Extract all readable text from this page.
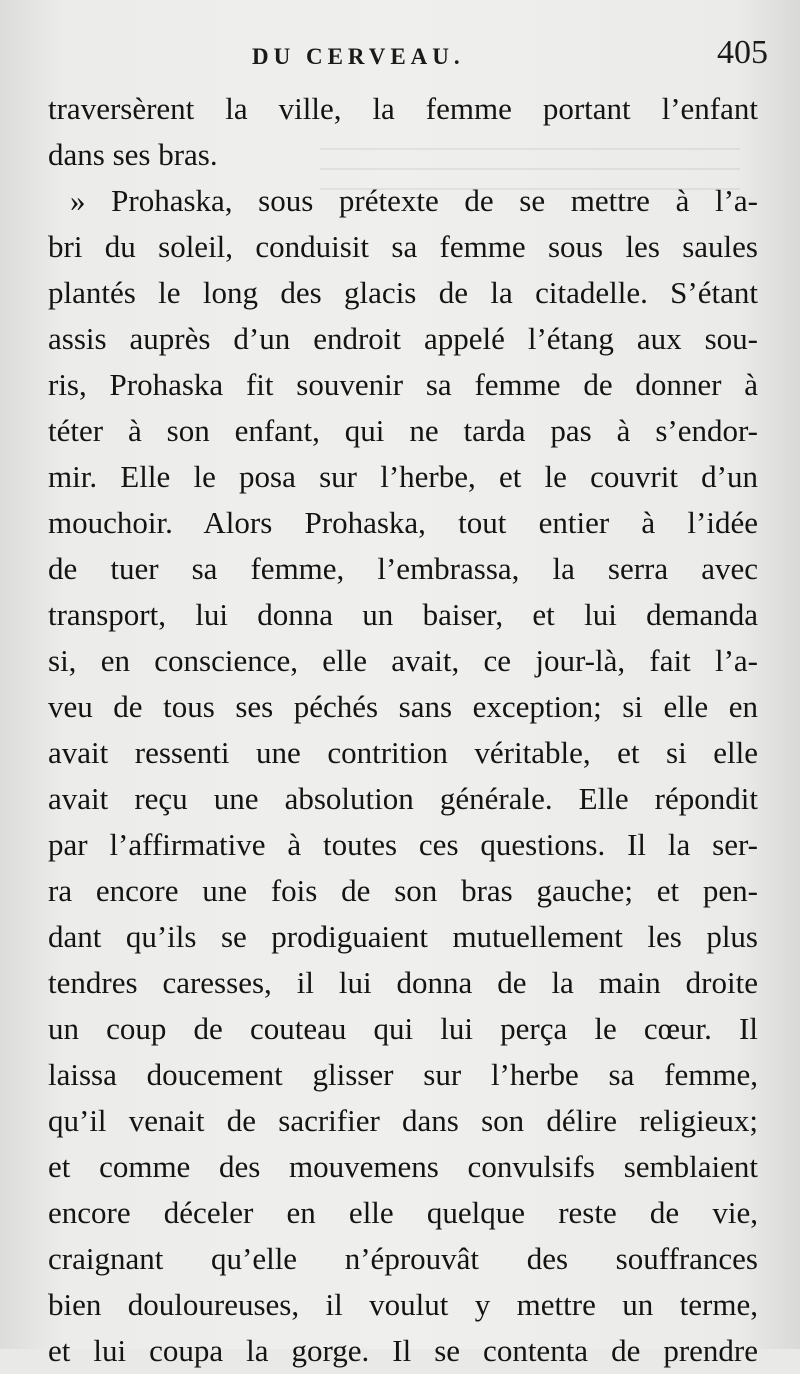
DU CERVEAU.	405
traversèrent la ville, la femme portant l’enfant
dans ses bras.
» Prohaska, sous prétexte de se mettre à l’a-
bri du soleil, conduisit sa femme sous les saules
plantés le long des glacis de la citadelle. S’étant
assis auprès d’un endroit appelé l’étang aux sou-
ris, Prohaska fit souvenir sa femme de donner à
téter à son enfant, qui ne tarda pas à s’endor-
mir. Elle le posa sur l’herbe, et le couvrit d’un
mouchoir. Alors Prohaska, tout entier à l’idée
de tuer sa femme, l’embrassa, la serra avec
transport, lui donna un baiser, et lui demanda
si, en conscience, elle avait, ce jour-là, fait l’a-
veu de tous ses péchés sans exception; si elle en
avait ressenti une contrition véritable, et si elle
avait reçu une absolution générale. Elle répondit
par l’affirmative à toutes ces questions. Il la ser-
ra encore une fois de son bras gauche; et pen-
dant qu’ils se prodiguaient mutuellement les plus
tendres caresses, il lui donna de la main droite
un coup de couteau qui lui perça le cœur. Il
laissa doucement glisser sur l’herbe sa femme,
qu’il venait de sacrifier dans son délire religieux;
et comme des mouvemens convulsifs semblaient
encore déceler en elle quelque reste de vie,
craignant qu’elle n’éprouvât des souffrances
bien douloureuses, il voulut y mettre un terme,
et lui coupa la gorge. Il se contenta de prendre
